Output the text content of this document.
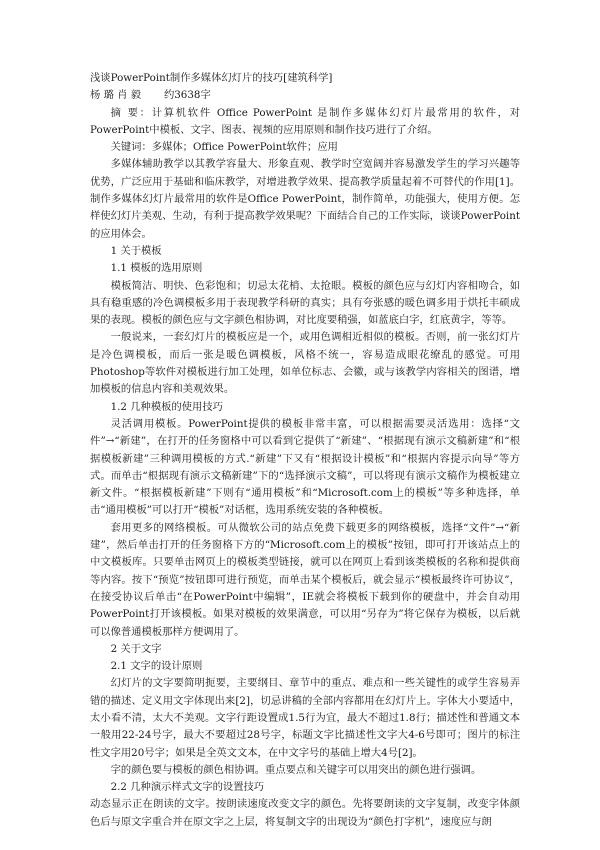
浅谈PowerPoint制作多媒体幻灯片的技巧[建筑科学]

杨 璐 肖 毅 约3638字

摘 要：计算机软件 Office PowerPoint 是制作多媒体幻灯片最常用的软件，对PowerPoint中模板、文字、图表、视频的应用原则和制作技巧进行了介绍。

关键词：多媒体；Office PowerPoint软件；应用

多媒体辅助教学以其教学容量大、形象直观、教学时空宽阔并容易激发学生的学习兴趣等优势，广泛应用于基础和临床教学，对增进教学效果、提高教学质量起着不可替代的作用[1]。制作多媒体幻灯片最常用的软件是Office PowerPoint，制作简单，功能强大，使用方便。怎样使幻灯片美观、生动，有利于提高教学效果呢？下面结合自己的工作实际，谈谈PowerPoint的应用体会。

1 关于模板

1.1 模板的选用原则

模板简洁、明快、色彩饱和；切忌太花梢、太抢眼。模板的颜色应与幻灯内容相吻合，如具有稳重感的冷色调模板多用于表现教学科研的真实；具有夸张感的暖色调多用于烘托丰硕成果的表现。模板的颜色应与文字颜色相协调，对比度要稍强，如蓝底白字，红底黄字，等等。

一般说来，一套幻灯片的模板应是一个，或用色调相近相似的模板。否则，前一张幻灯片是冷色调模板，而后一张是暖色调模板，风格不统一，容易造成眼花缭乱的感觉。可用Photoshop等软件对模板进行加工处理，如单位标志、会徽，或与该教学内容相关的图谱，增加模板的信息内容和美观效果。

1.2 几种模板的使用技巧

灵活调用模板。PowerPoint提供的模板非常丰富，可以根据需要灵活选用：选择“文件”→“新建”，在打开的任务窗格中可以看到它提供了“新建”、“根据现有演示文稿新建”和“根据模板新建”三种调用模板的方式.“新建”下又有“根据设计模板”和“根据内容提示向导”等方式。而单击“根据现有演示文稿新建”下的“选择演示文稿”，可以将现有演示文稿作为模板建立新文件。“根据模板新建”下则有“通用模板”和“Microsoft.com上的模板”等多种选择，单击“通用模板”可以打开“模板”对话框，选用系统安装的各种模板。

套用更多的网络模板。可从微软公司的站点免费下载更多的网络模板，选择“文件”→“新建”，然后单击打开的任务窗格下方的“Microsoft.com上的模板”按钮，即可打开该站点上的中文模板库。只要单击网页上的模板类型链接，就可以在网页上看到该类模板的名称和提供商等内容。按下“预览”按钮即可进行预览，而单击某个模板后，就会显示“模板最终许可协议”，在接受协议后单击“在PowerPoint中编辑”，IE就会将模板下载到你的硬盘中，并会自动用PowerPoint打开该模板。如果对模板的效果满意，可以用“另存为”将它保存为模板，以后就可以像普通模板那样方便调用了。

2 关于文字

2.1 文字的设计原则

幻灯片的文字要简明扼要，主要纲目、章节中的重点、难点和一些关键性的或学生容易弄错的描述、定义用文字体现出来[2]，切忌讲稿的全部内容都用在幻灯片上。字体大小要适中，太小看不清，太大不美观。文字行距设置成1.5行为宜，最大不超过1.8行；描述性和普通文本一般用22-24号字，最大不要超过28号字，标题文字比描述性文字大4-6号即可；图片的标注性文字用20号字；如果是全英文文本，在中文字号的基础上增大4号[2]。

字的颜色要与模板的颜色相协调。重点要点和关键字可以用突出的颜色进行强调。

2.2 几种演示样式文字的设置技巧

动态显示正在朗读的文字。按朗读速度改变文字的颜色。先将要朗读的文字复制，改变字体颜色后与原文字重合并在原文字之上层，将复制文字的出现设为“颜色打字机”，速度应与朗
